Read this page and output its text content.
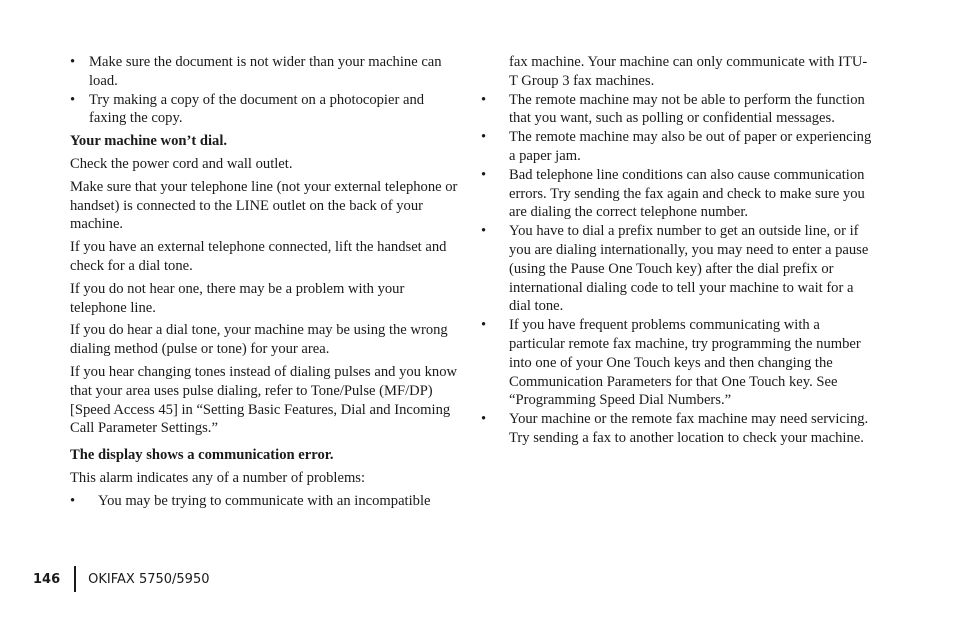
• Make sure the document is not wider than your machine can load.
• Try making a copy of the document on a photocopier and faxing the copy.
Your machine won’t dial.

Check the power cord and wall outlet.

Make sure that your telephone line (not your external telephone or handset) is connected to the LINE outlet on the back of your machine.

If you have an external telephone connected, lift the handset and check for a dial tone.

If you do not hear one, there may be a problem with your telephone line.

If you do hear a dial tone, your machine may be using the wrong dialing method (pulse or tone) for your area.

If you hear changing tones instead of dialing pulses and you know that your area uses pulse dialing, refer to Tone/Pulse (MF/DP) [Speed Access 45] in “Setting Basic Features, Dial and Incoming Call Parameter Settings.”

The display shows a communication error.

This alarm indicates any of a number of problems:

• You may be trying to communicate with an incompatible

fax machine. Your machine can only communicate with ITU-T Group 3 fax machines.

• The remote machine may not be able to perform the function that you want, such as polling or confidential messages.
• The remote machine may also be out of paper or experiencing a paper jam.
• Bad telephone line conditions can also cause communication errors. Try sending the fax again and check to make sure you are dialing the correct telephone number.
• You have to dial a prefix number to get an outside line, or if you are dialing internationally, you may need to enter a pause (using the Pause One Touch key) after the dial prefix or international dialing code to tell your machine to wait for a dial tone.
• If you have frequent problems communicating with a particular remote fax machine, try programming the number into one of your One Touch keys and then changing the Communication Parameters for that One Touch key. See “Programming Speed Dial Numbers.”
• Your machine or the remote fax machine may need servicing. Try sending a fax to another location to check your machine.
146 OKIFAX 5750/5950
